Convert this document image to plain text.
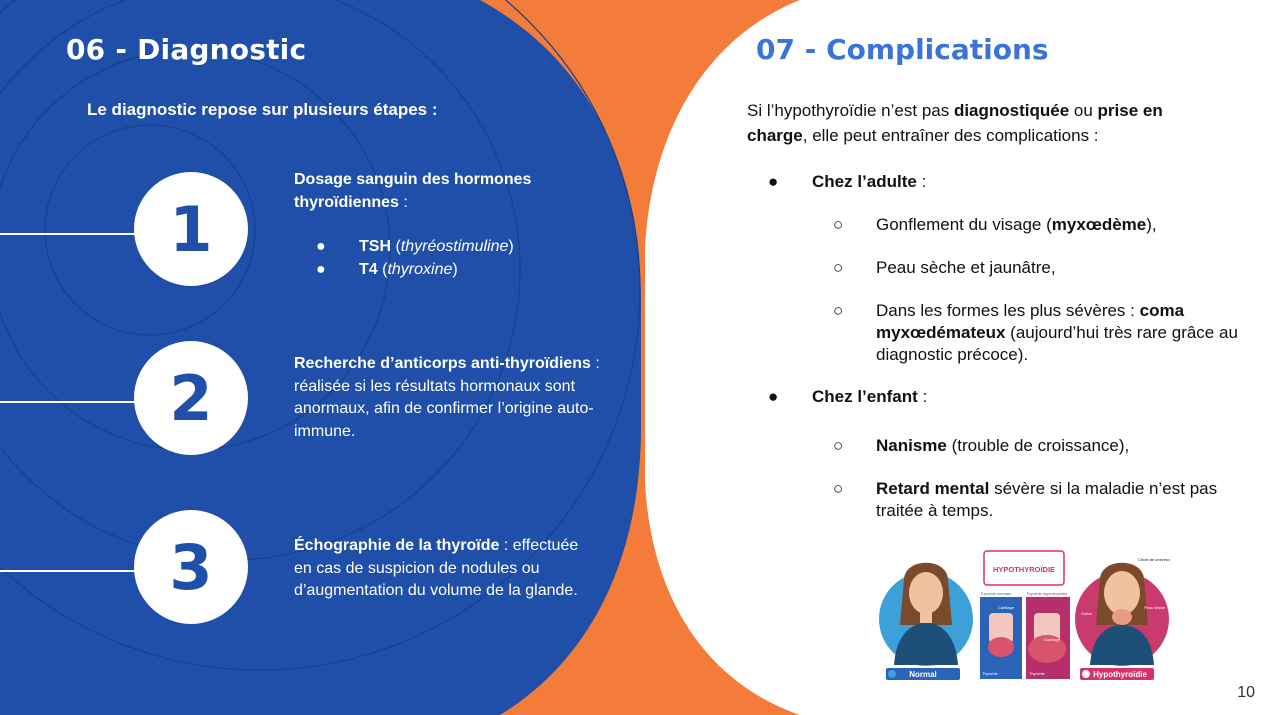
06 - Diagnostic

Le diagnostic repose sur plusieurs étapes :

1
Dosage sanguin des hormones thyroïdiennes :
●	TSH (thyréostimuline)
●	T4 (thyroxine)
2	Recherche d’anticorps anti-thyroïdiens : réalisée si les résultats hormonaux sont anormaux, afin de confirmer l’origine auto-immune.
3	Échographie de la thyroïde : effectuée en cas de suspicion de nodules ou d’augmentation du volume de la glande.
07 - Complications

Si l’hypothyroïdie n’est pas diagnostiquée ou prise en charge, elle peut entraîner des complications :

● Chez l’adulte :
○ Gonflement du visage (myxœdème),
○ Peau sèche et jaunâtre,
○ Dans les formes les plus sévères : coma myxœdémateux (aujourd’hui très rare grâce au diagnostic précoce).
● Chez l’enfant :
○ Nanisme (trouble de croissance),
○ Retard mental sévère si la maladie n’est pas traitée à temps.
Normal
HYPOTHYROÏDIE
Thyroïde normale	Thyroïde hypertrophiée
Cartilage
Cartilage
Thyroïde	Thyroïde	Hypothyroïdie
Goitre
Peau sèche
Chute de cheveux
10
